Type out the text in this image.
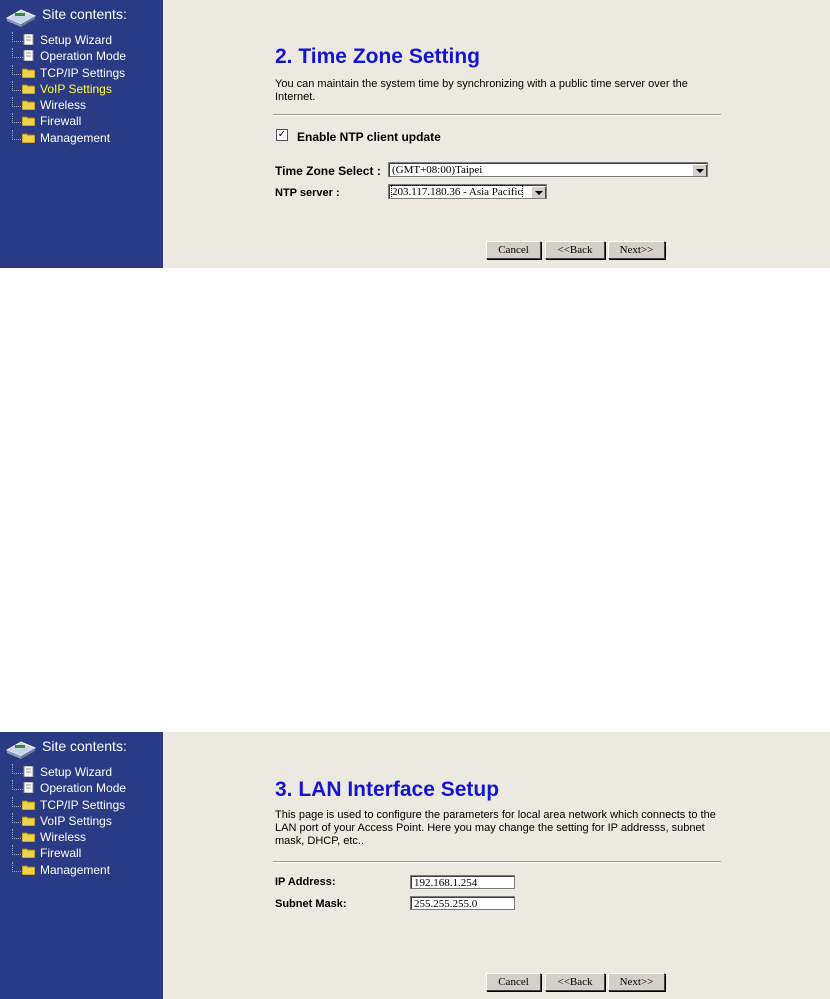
Site contents:
Setup Wizard
Operation Mode
TCP/IP Settings
VoIP Settings
Wireless
Firewall
Management
2. Time Zone Setting
You can maintain the system time by synchronizing with a public time server over the Internet.
✓ Enable NTP client update
Time Zone Select :	(GMT+08:00)Taipei
NTP server :	203.117.180.36 - Asia Pacific
Cancel	<<Back	Next>>
Site contents:
Setup Wizard
Operation Mode
TCP/IP Settings
VoIP Settings
Wireless
Firewall
Management
3. LAN Interface Setup
This page is used to configure the parameters for local area network which connects to the LAN port of your Access Point. Here you may change the setting for IP addresss, subnet mask, DHCP, etc..
IP Address:	192.168.1.254
Subnet Mask:	255.255.255.0
Cancel	<<Back	Next>>
